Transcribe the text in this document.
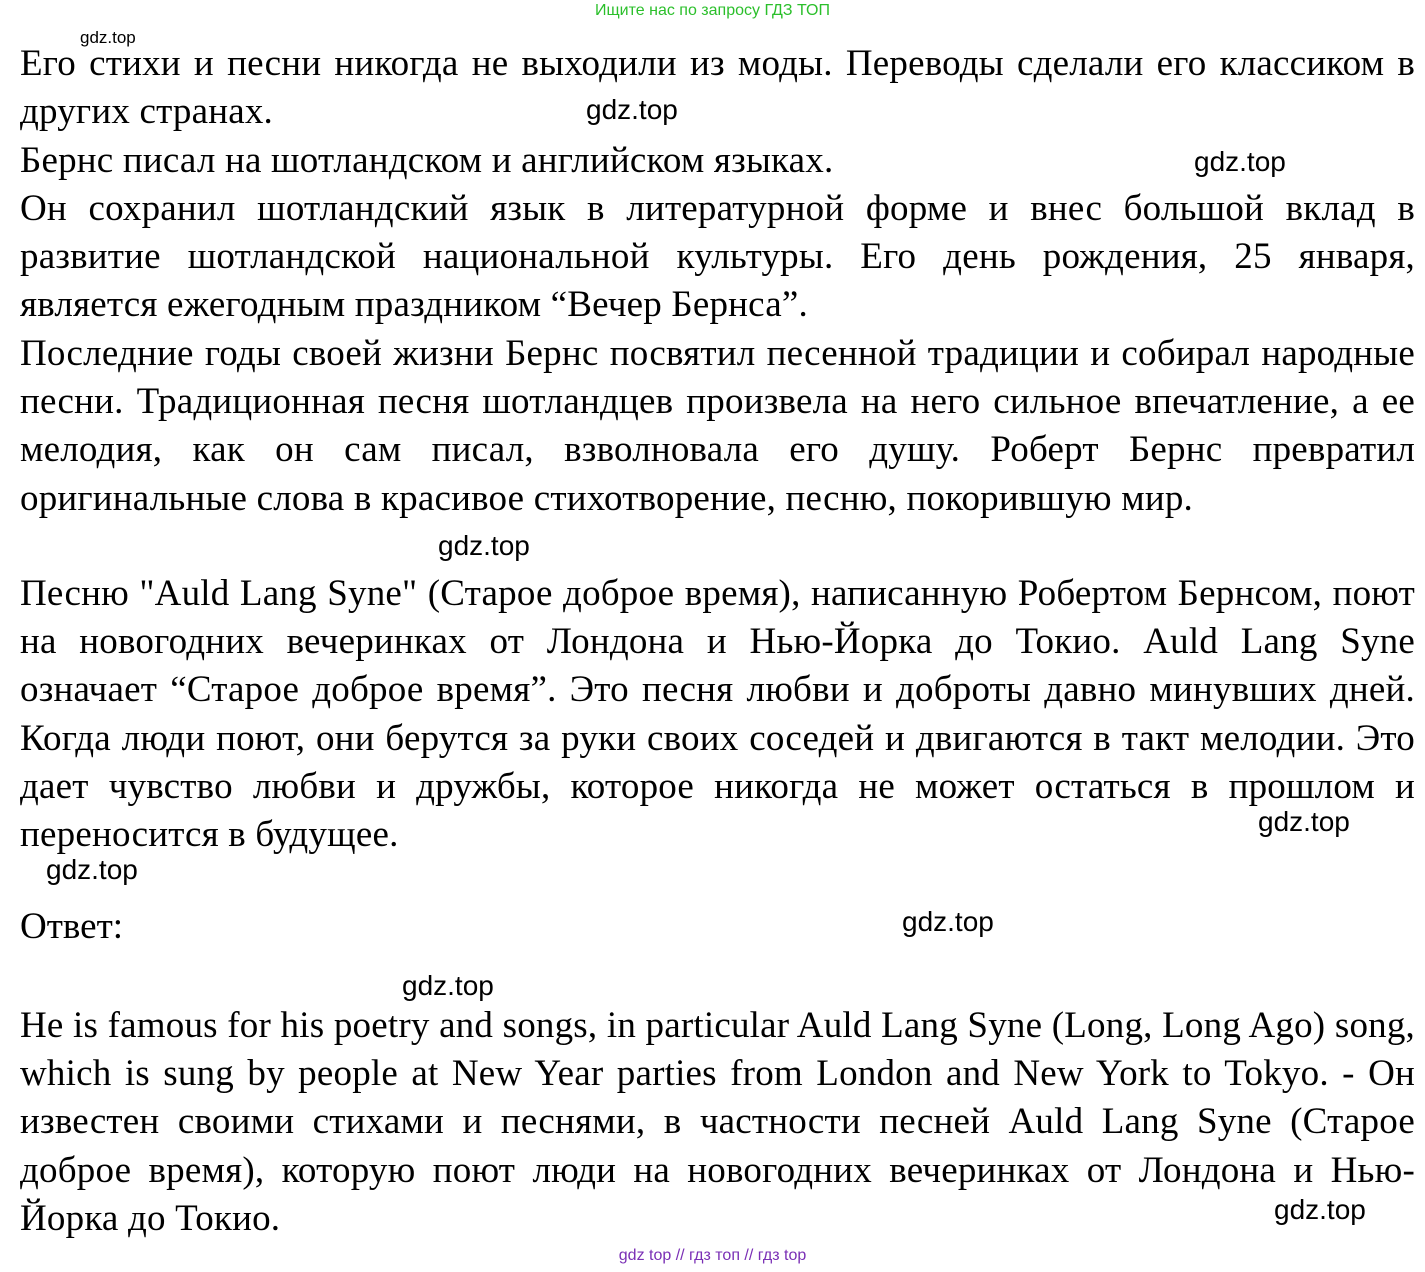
Ищите нас по запросу ГДЗ ТОП
gdz.top

Его стихи и песни никогда не выходили из моды. Переводы сделали его классиком в других странах.	gdz.top

Бернс писал на шотландском и английском языках.	gdz.top

Он сохранил шотландский язык в литературной форме и внес большой вклад в развитие шотландской национальной культуры. Его день рождения, 25 января, является ежегодным праздником “Вечер Бернса”.

Последние годы своей жизни Бернс посвятил песенной традиции и собирал народные песни. Традиционная песня шотландцев произвела на него сильное впечатление, а ее мелодия, как он сам писал, взволновала его душу. Роберт Бернс превратил оригинальные слова в красивое стихотворение, песню, покорившую мир.

gdz.top

Песню "Auld Lang Syne" (Старое доброе время), написанную Робертом Бернсом, поют на новогодних вечеринках от Лондона и Нью-Йорка до Токио. Auld Lang Syne означает “Старое доброе время”. Это песня любви и доброты давно минувших дней. Когда люди поют, они берутся за руки своих соседей и двигаются в такт мелодии. Это дает чувство любви и дружбы, которое никогда не может остаться в прошлом и переносится в будущее.	gdz.top
gdz.top
Ответ:	gdz.top
gdz.top

He is famous for his poetry and songs, in particular Auld Lang Syne (Long, Long Ago) song, which is sung by people at New Year parties from London and New York to Tokyo. - Он известен своими стихами и песнями, в частности песней Auld Lang Syne (Старое доброе время), которую поют люди на новогодних вечеринках от Лондона и Нью-Йорка до Токио.	gdz.top
gdz top // гдз топ // гдз top
